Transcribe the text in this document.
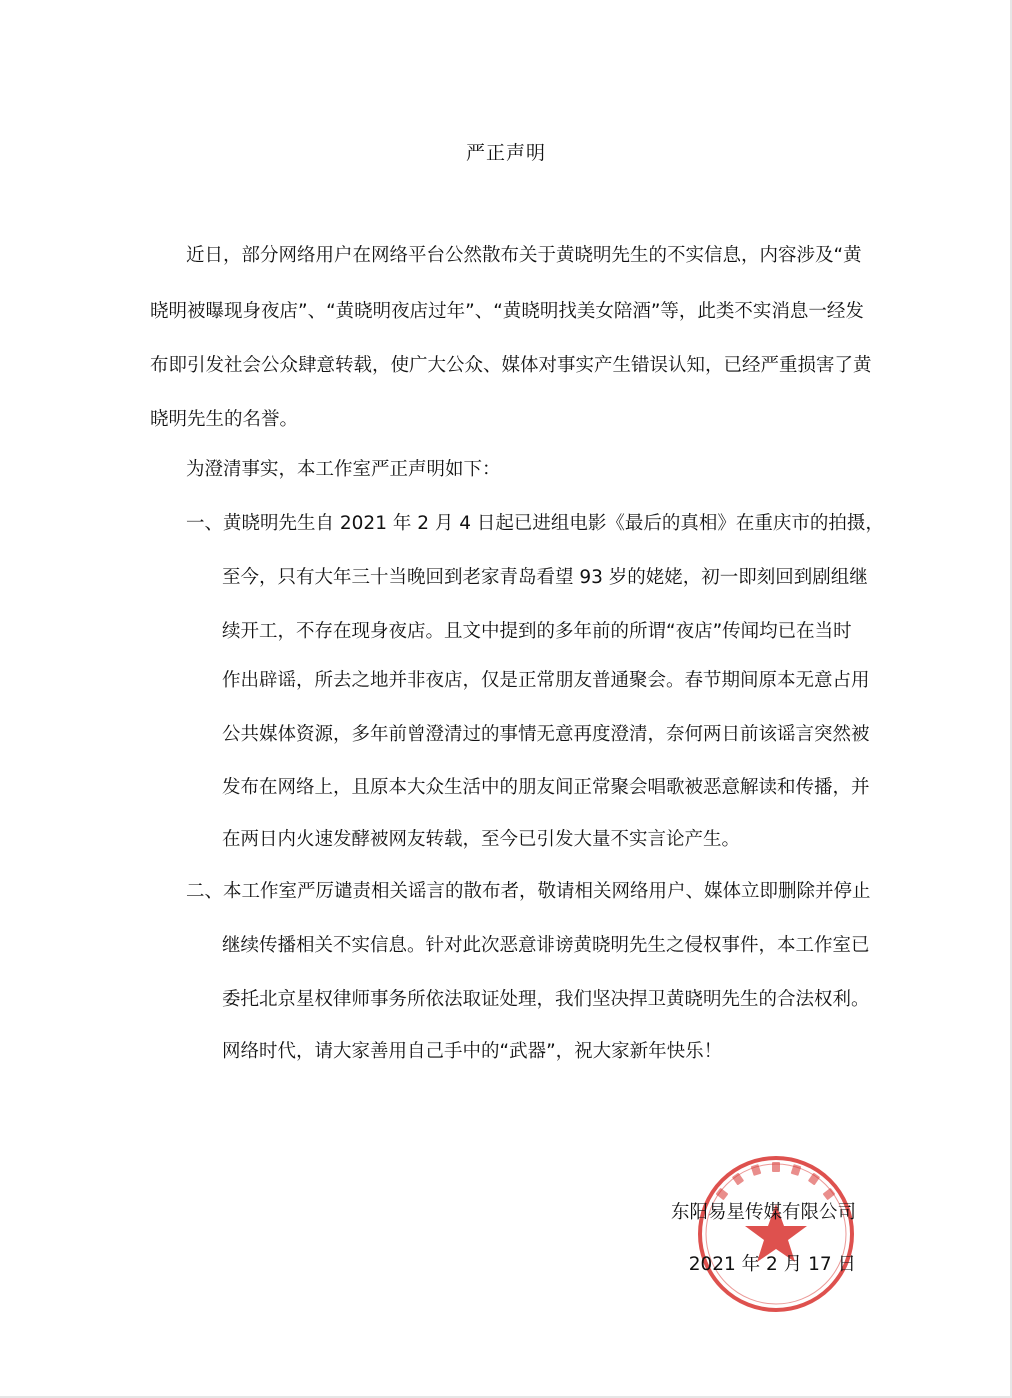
严正声明
近日，部分网络用户在网络平台公然散布关于黄晓明先生的不实信息，内容涉及“黄
晓明被曝现身夜店”、“黄晓明夜店过年”、“黄晓明找美女陪酒”等，此类不实消息一经发
布即引发社会公众肆意转载，使广大公众、媒体对事实产生错误认知，已经严重损害了黄
晓明先生的名誉。
为澄清事实，本工作室严正声明如下：
一、黄晓明先生自 2021 年 2 月 4 日起已进组电影《最后的真相》在重庆市的拍摄，
至今，只有大年三十当晚回到老家青岛看望 93 岁的姥姥，初一即刻回到剧组继
续开工，不存在现身夜店。且文中提到的多年前的所谓“夜店”传闻均已在当时
作出辟谣，所去之地并非夜店，仅是正常朋友普通聚会。春节期间原本无意占用
公共媒体资源，多年前曾澄清过的事情无意再度澄清，奈何两日前该谣言突然被
发布在网络上，且原本大众生活中的朋友间正常聚会唱歌被恶意解读和传播，并
在两日内火速发酵被网友转载，至今已引发大量不实言论产生。
二、本工作室严厉谴责相关谣言的散布者，敬请相关网络用户、媒体立即删除并停止
继续传播相关不实信息。针对此次恶意诽谤黄晓明先生之侵权事件，本工作室已
委托北京星权律师事务所依法取证处理，我们坚决捍卫黄晓明先生的合法权利。
网络时代，请大家善用自己手中的“武器”，祝大家新年快乐！
东阳易星传媒有限公司
2021 年 2 月 17 日
